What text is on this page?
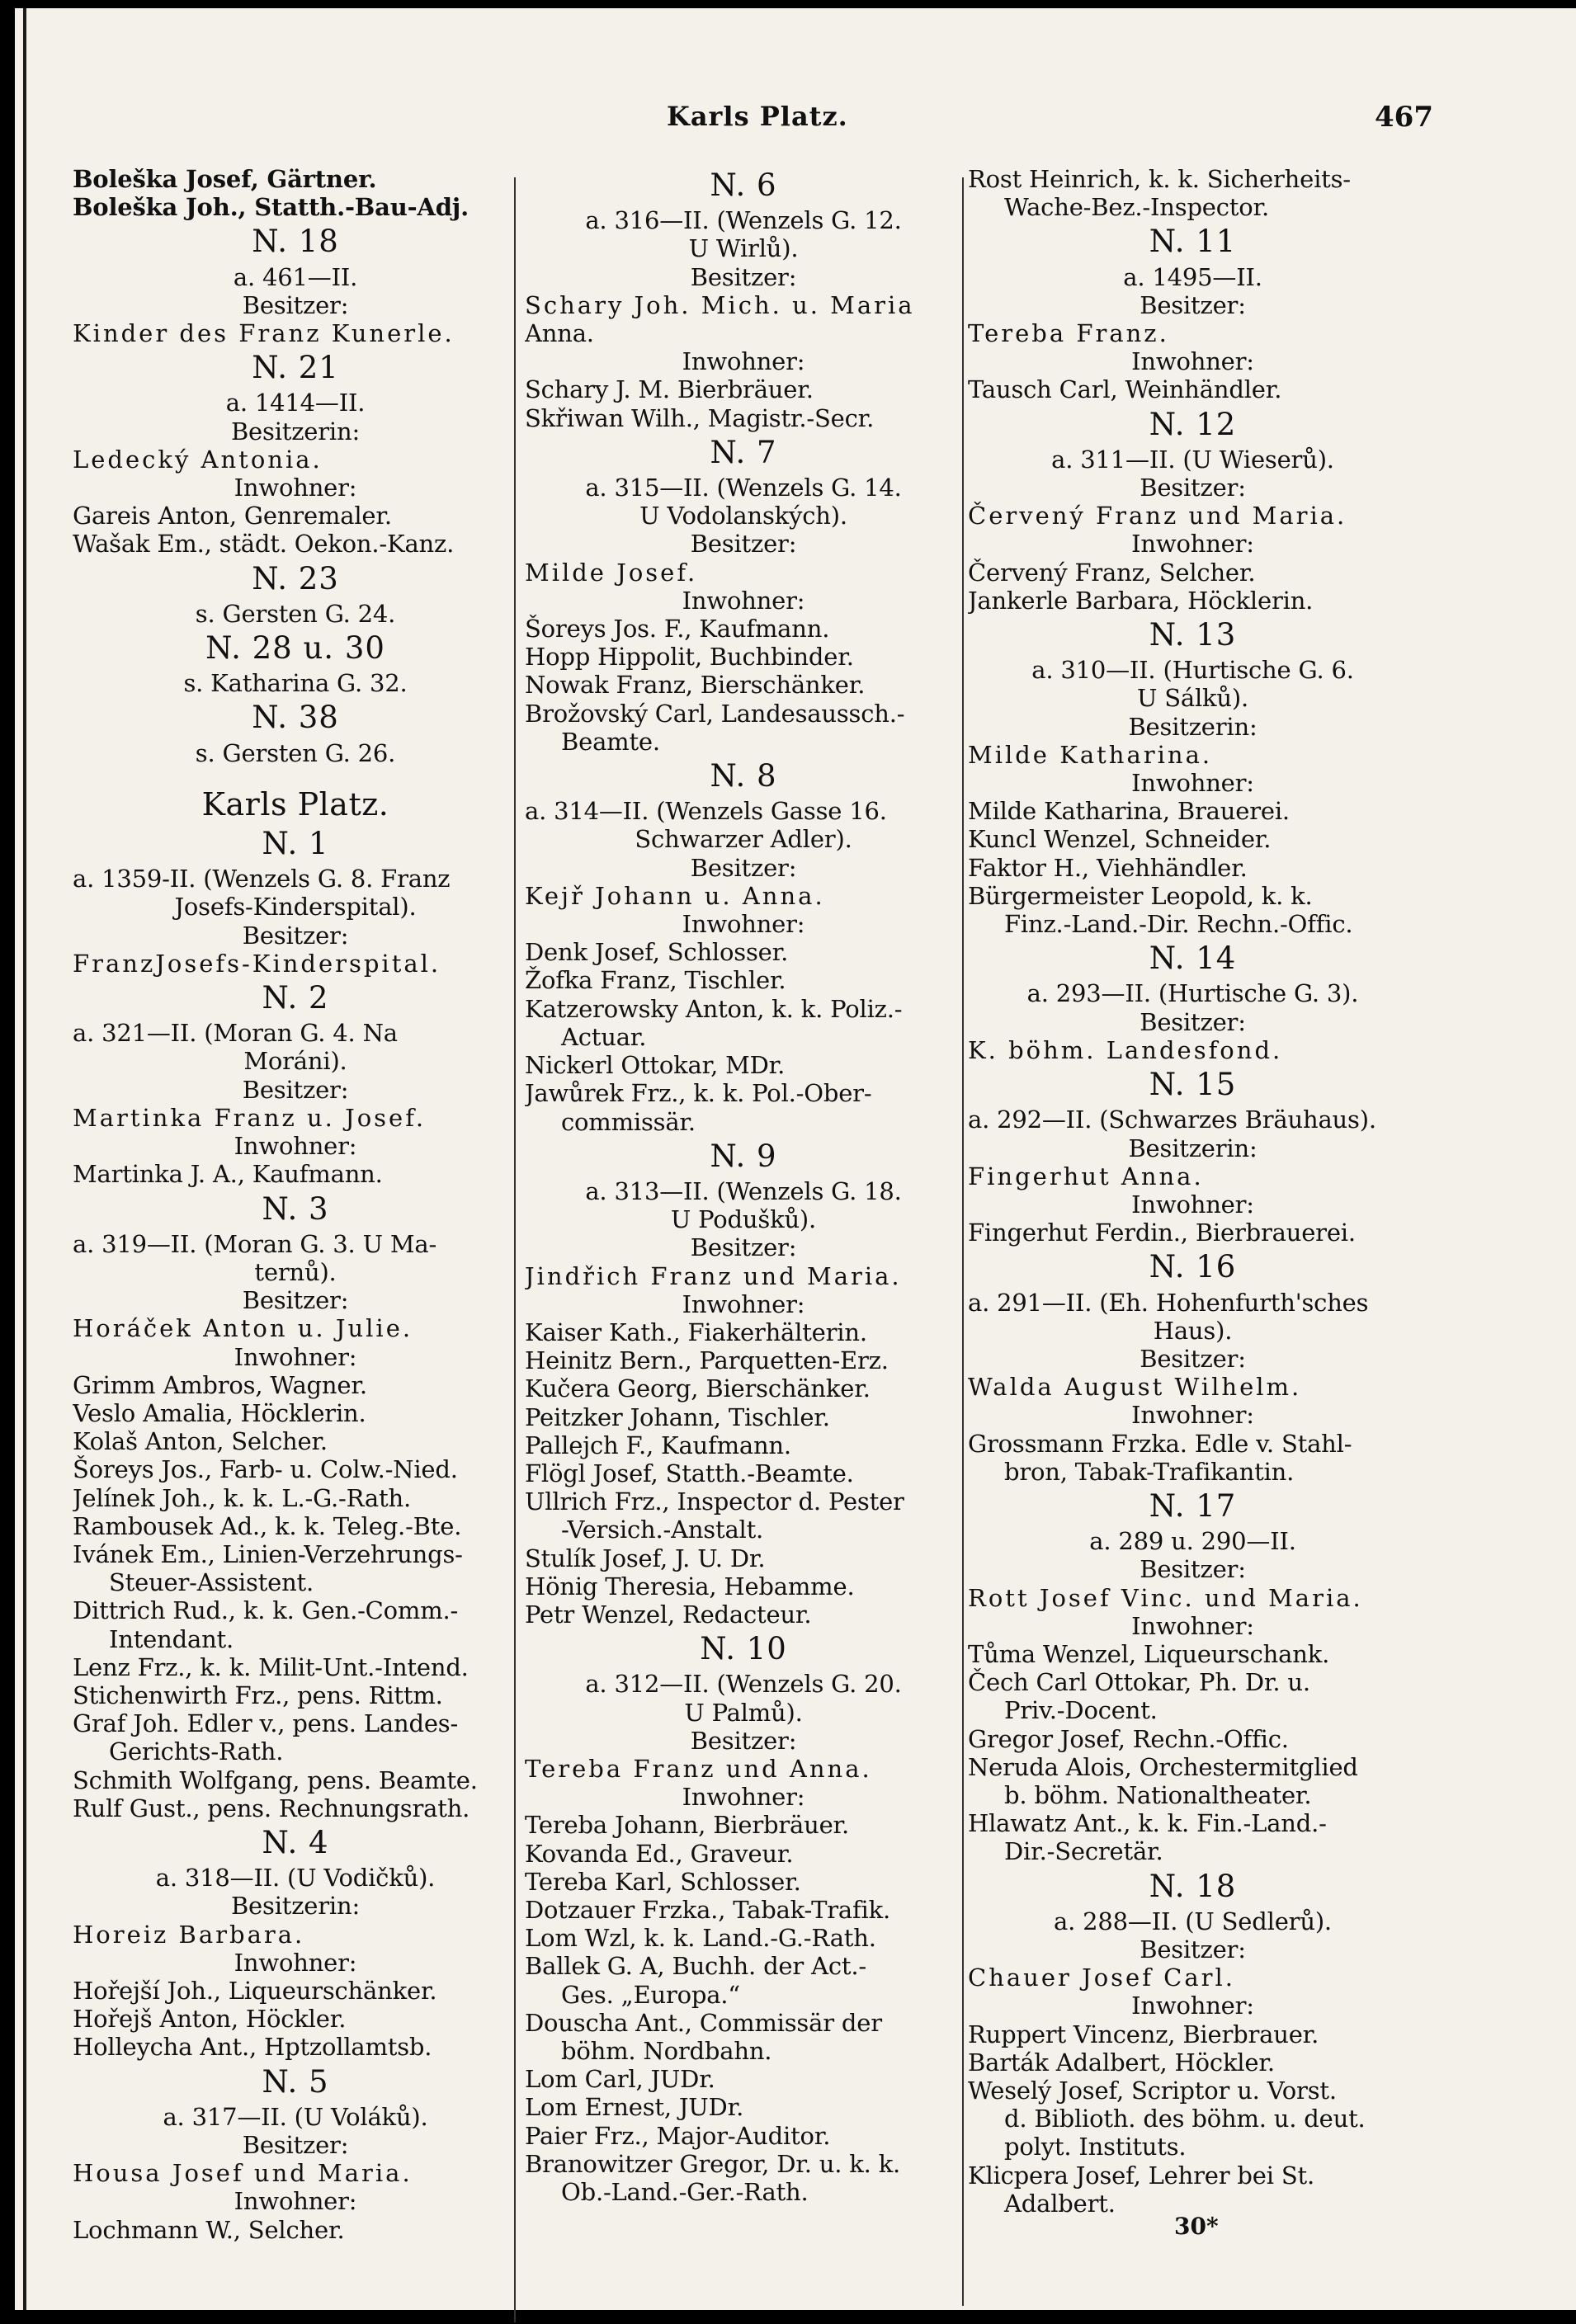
Karls Platz.	467
Boleška Josef, Gärtner.
Boleška Joh., Statth.-Bau-Adj.
N. 18
a. 461—II.
Besitzer:
Kinder des Franz Kunerle.
N. 21
a. 1414—II.
Besitzerin:
Ledecký Antonia.
Inwohner:
Gareis Anton, Genremaler.
Wašak Em., städt. Oekon.-Kanz.
N. 23
s. Gersten G. 24.
N. 28 u. 30
s. Katharina G. 32.
N. 38
s. Gersten G. 26.
Karls Platz.
N. 1
a. 1359-II. (Wenzels G. 8. Franz
Josefs-Kinderspital).
Besitzer:
FranzJosefs-Kinderspital.
N. 2
a. 321—II. (Moran G. 4. Na
Moráni).
Besitzer:
Martinka Franz u. Josef.
Inwohner:
Martinka J. A., Kaufmann.
N. 3
a. 319—II. (Moran G. 3. U Ma-
ternů).
Besitzer:
Horáček Anton u. Julie.
Inwohner:
Grimm Ambros, Wagner.
Veslo Amalia, Höcklerin.
Kolaš Anton, Selcher.
Šoreys Jos., Farb- u. Colw.-Nied.
Jelínek Joh., k. k. L.-G.-Rath.
Rambousek Ad., k. k. Teleg.-Bte.
Ivánek Em., Linien-Verzehrungs-
Steuer-Assistent.
Dittrich Rud., k. k. Gen.-Comm.-
Intendant.
Lenz Frz., k. k. Milit-Unt.-Intend.
Stichenwirth Frz., pens. Rittm.
Graf Joh. Edler v., pens. Landes-
Gerichts-Rath.
Schmith Wolfgang, pens. Beamte.
Rulf Gust., pens. Rechnungsrath.
N. 4
a. 318—II. (U Vodičků).
Besitzerin:
Horeiz Barbara.
Inwohner:
Hořejší Joh., Liqueurschänker.
Hořejš Anton, Höckler.
Holleycha Ant., Hptzollamtsb.
N. 5
a. 317—II. (U Voláků).
Besitzer:
Housa Josef und Maria.
Inwohner:
Lochmann W., Selcher.
N. 6
a. 316—II. (Wenzels G. 12.
U Wirlů).
Besitzer:
Schary Joh. Mich. u. Maria
Anna.
Inwohner:
Schary J. M. Bierbräuer.
Skřiwan Wilh., Magistr.-Secr.
N. 7
a. 315—II. (Wenzels G. 14.
U Vodolanských).
Besitzer:
Milde Josef.
Inwohner:
Šoreys Jos. F., Kaufmann.
Hopp Hippolit, Buchbinder.
Nowak Franz, Bierschänker.
Brožovský Carl, Landesaussch.-
Beamte.
N. 8
a. 314—II. (Wenzels Gasse 16.
Schwarzer Adler).
Besitzer:
Kejř Johann u. Anna.
Inwohner:
Denk Josef, Schlosser.
Žofka Franz, Tischler.
Katzerowsky Anton, k. k. Poliz.-
Actuar.
Nickerl Ottokar, MDr.
Jawůrek Frz., k. k. Pol.-Ober-
commissär.
N. 9
a. 313—II. (Wenzels G. 18.
U Podušků).
Besitzer:
Jindřich Franz und Maria.
Inwohner:
Kaiser Kath., Fiakerhälterin.
Heinitz Bern., Parquetten-Erz.
Kučera Georg, Bierschänker.
Peitzker Johann, Tischler.
Pallejch F., Kaufmann.
Flögl Josef, Statth.-Beamte.
Ullrich Frz., Inspector d. Pester
-Versich.-Anstalt.
Stulík Josef, J. U. Dr.
Hönig Theresia, Hebamme.
Petr Wenzel, Redacteur.
N. 10
a. 312—II. (Wenzels G. 20.
U Palmů).
Besitzer:
Tereba Franz und Anna.
Inwohner:
Tereba Johann, Bierbräuer.
Kovanda Ed., Graveur.
Tereba Karl, Schlosser.
Dotzauer Frzka., Tabak-Trafik.
Lom Wzl, k. k. Land.-G.-Rath.
Ballek G. A, Buchh. der Act.-
Ges. „Europa.“
Douscha Ant., Commissär der
böhm. Nordbahn.
Lom Carl, JUDr.
Lom Ernest, JUDr.
Paier Frz., Major-Auditor.
Branowitzer Gregor, Dr. u. k. k.
Ob.-Land.-Ger.-Rath.
Rost Heinrich, k. k. Sicherheits-
Wache-Bez.-Inspector.
N. 11
a. 1495—II.
Besitzer:
Tereba Franz.
Inwohner:
Tausch Carl, Weinhändler.
N. 12
a. 311—II. (U Wieserů).
Besitzer:
Červený Franz und Maria.
Inwohner:
Červený Franz, Selcher.
Jankerle Barbara, Höcklerin.
N. 13
a. 310—II. (Hurtische G. 6.
U Sálků).
Besitzerin:
Milde Katharina.
Inwohner:
Milde Katharina, Brauerei.
Kuncl Wenzel, Schneider.
Faktor H., Viehhändler.
Bürgermeister Leopold, k. k.
Finz.-Land.-Dir. Rechn.-Offic.
N. 14
a. 293—II. (Hurtische G. 3).
Besitzer:
K. böhm. Landesfond.
N. 15
a. 292—II. (Schwarzes Bräuhaus).
Besitzerin:
Fingerhut Anna.
Inwohner:
Fingerhut Ferdin., Bierbrauerei.
N. 16
a. 291—II. (Eh. Hohenfurth'sches
Haus).
Besitzer:
Walda August Wilhelm.
Inwohner:
Grossmann Frzka. Edle v. Stahl-
bron, Tabak-Trafikantin.
N. 17
a. 289 u. 290—II.
Besitzer:
Rott Josef Vinc. und Maria.
Inwohner:
Tůma Wenzel, Liqueurschank.
Čech Carl Ottokar, Ph. Dr. u.
Priv.-Docent.
Gregor Josef, Rechn.-Offic.
Neruda Alois, Orchestermitglied
b. böhm. Nationaltheater.
Hlawatz Ant., k. k. Fin.-Land.-
Dir.-Secretär.
N. 18
a. 288—II. (U Sedlerů).
Besitzer:
Chauer Josef Carl.
Inwohner:
Ruppert Vincenz, Bierbrauer.
Barták Adalbert, Höckler.
Weselý Josef, Scriptor u. Vorst.
d. Biblioth. des böhm. u. deut.
polyt. Instituts.
Klicpera Josef, Lehrer bei St.
Adalbert.
30*
